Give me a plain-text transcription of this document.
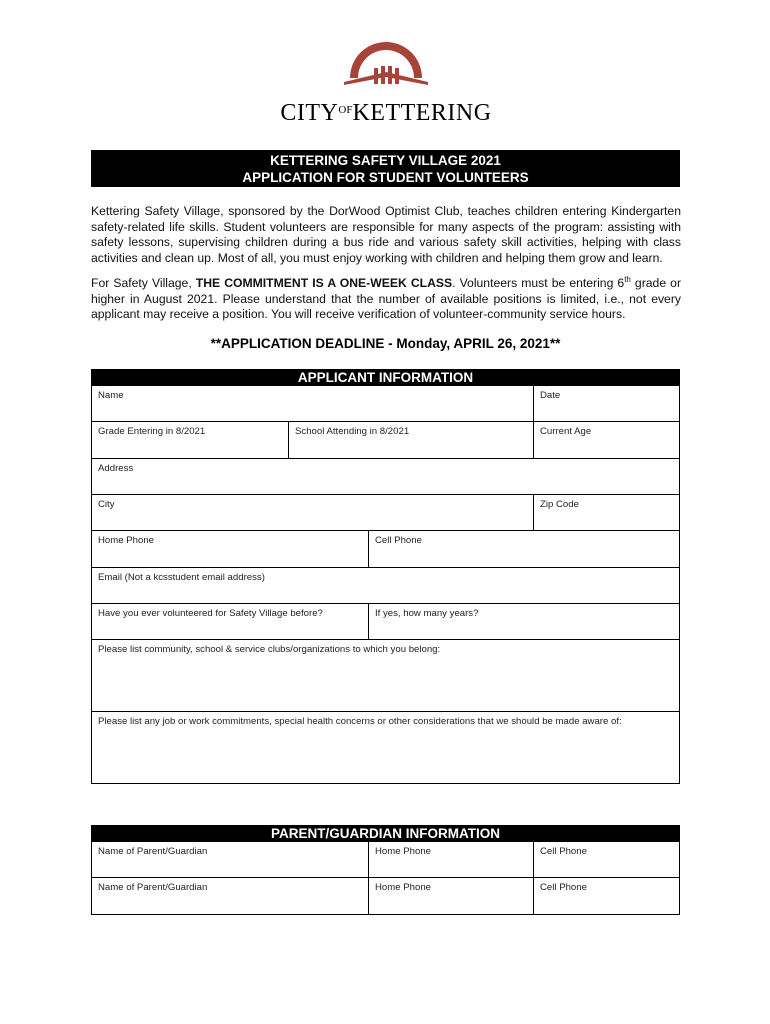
$CITY^{OF}KETTERING$
KETTERING SAFETY VILLAGE 2021
APPLICATION FOR STUDENT VOLUNTEERS
Kettering Safety Village, sponsored by the DorWood Optimist Club, teaches children entering Kindergarten safety-related life skills. Student volunteers are responsible for many aspects of the program: assisting with safety lessons, supervising children during a bus ride and various safety skill activities, helping with class activities and clean up. Most of all, you must enjoy working with children and helping them grow and learn.
For Safety Village, THE COMMITMENT IS A ONE-WEEK CLASS. Volunteers must be entering 6th grade or higher in August 2021. Please understand that the number of available positions is limited, i.e., not every applicant may receive a position. You will receive verification of volunteer-community service hours.
**APPLICATION DEADLINE - Monday, APRIL 26, 2021**
APPLICANT INFORMATION
Name	Date
Grade Entering in 8/2021	School Attending in 8/2021	Current Age
Address
City	Zip Code
Home Phone	Cell Phone
Email (Not a kcsstudent email address)
Have you ever volunteered for Safety Village before?	If yes, how many years?
Please list community, school & service clubs/organizations to which you belong:
Please list any job or work commitments, special health concerns or other considerations that we should be made aware of:
PARENT/GUARDIAN INFORMATION
Name of Parent/Guardian	Home Phone	Cell Phone
Name of Parent/Guardian	Home Phone	Cell Phone
